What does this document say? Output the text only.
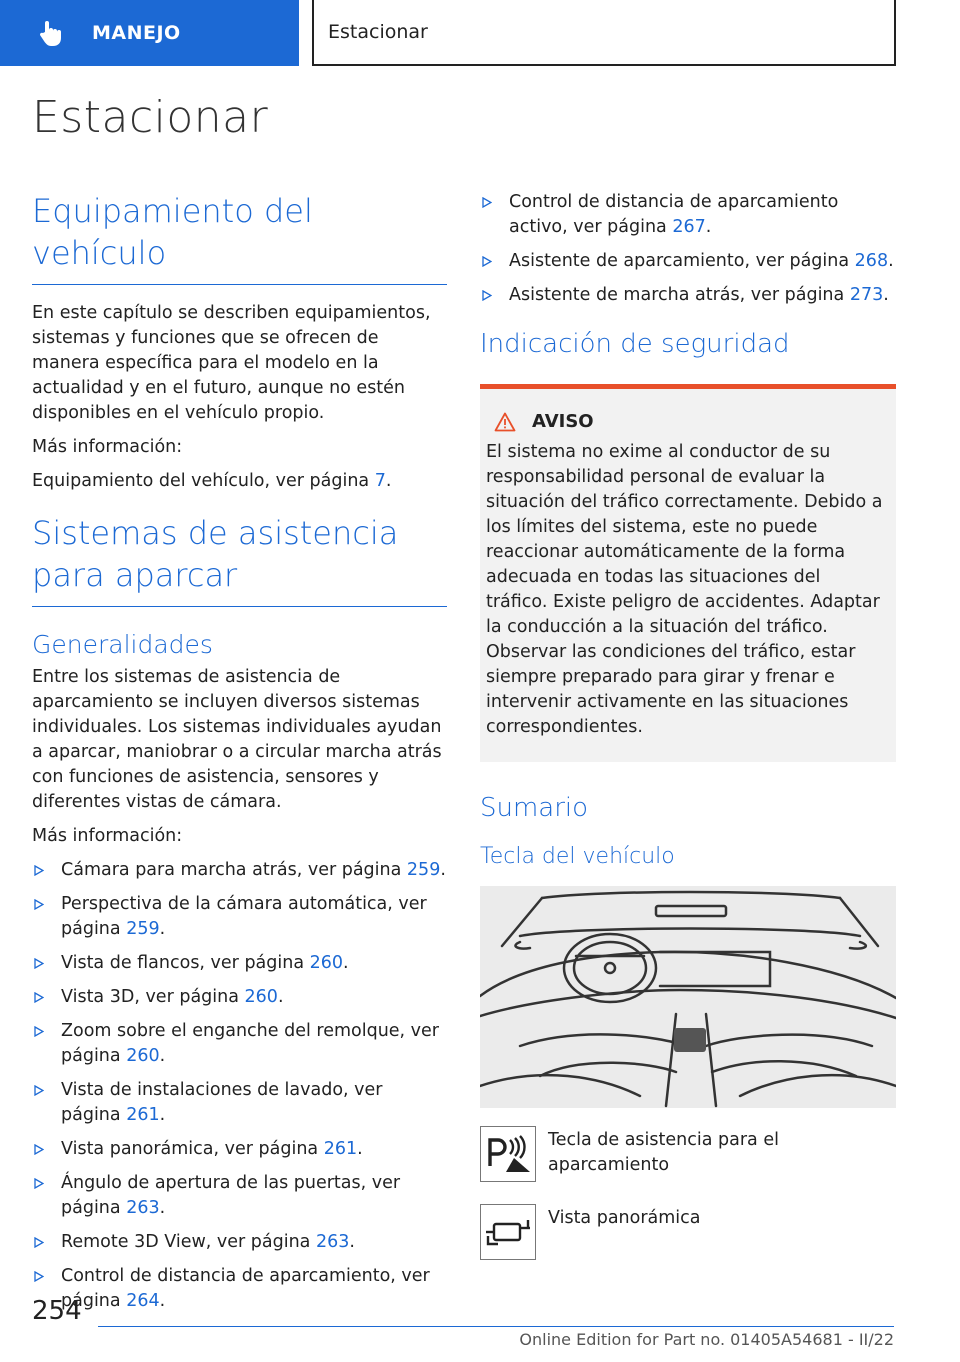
MANEJO	Estacionar
Estacionar
Equipamiento del vehículo

En este capítulo se describen equipamientos, sistemas y funciones que se ofrecen de manera específica para el modelo en la actualidad y en el futuro, aunque no estén disponibles en el vehículo propio.

Más información:

Equipamiento del vehículo, ver página 7.

Sistemas de asistencia para aparcar
Generalidades

Entre los sistemas de asistencia de aparcamiento se incluyen diversos sistemas individuales. Los sistemas individuales ayudan a aparcar, maniobrar o a circular marcha atrás con funciones de asistencia, sensores y diferentes vistas de cámara.

Más información:

Cámara para marcha atrás, ver página 259.
Perspectiva de la cámara automática, ver página 259.
Vista de flancos, ver página 260.
Vista 3D, ver página 260.
Zoom sobre el enganche del remolque, ver página 260.
Vista de instalaciones de lavado, ver página 261.
Vista panorámica, ver página 261.
Ángulo de apertura de las puertas, ver página 263.
Remote 3D View, ver página 263.
Control de distancia de aparcamiento, ver página 264.
Control de distancia de aparcamiento activo, ver página 267.
Asistente de aparcamiento, ver página 268.
Asistente de marcha atrás, ver página 273.
Indicación de seguridad
AVISO

El sistema no exime al conductor de su responsabilidad personal de evaluar la situación del tráfico correctamente. Debido a los límites del sistema, este no puede reaccionar automáticamente de la forma adecuada en todas las situaciones del tráfico. Existe peligro de accidentes. Adaptar la conducción a la situación del tráfico. Observar las condiciones del tráfico, estar siempre preparado para girar y frenar e intervenir activamente en las situaciones correspondientes.

Sumario
Tecla del vehículo
Tecla de asistencia para el aparcamiento
Vista panorámica
254
Online Edition for Part no. 01405A54681 - II/22
